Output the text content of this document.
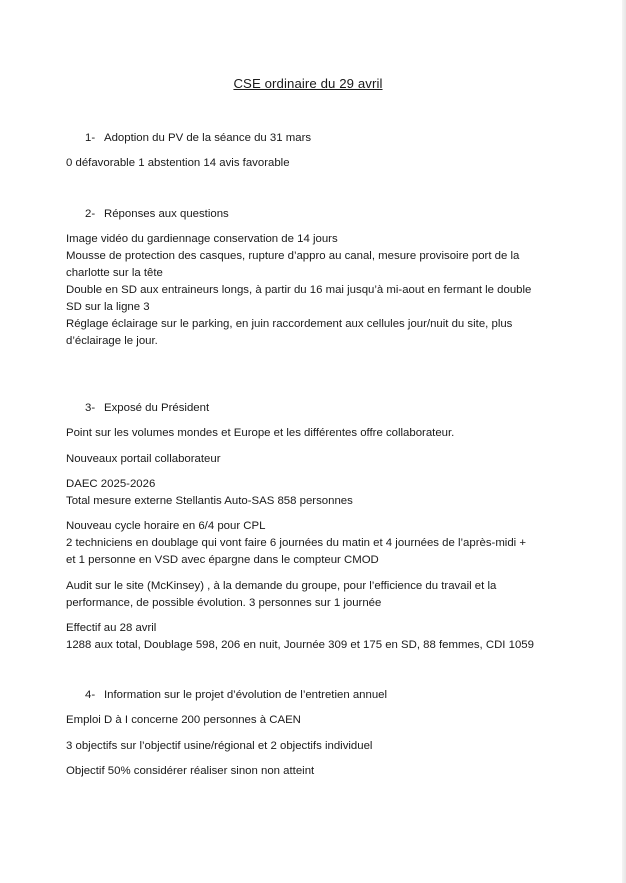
CSE ordinaire du 29 avril
1- Adoption du PV de la séance du 31 mars
0 défavorable 1 abstention 14 avis favorable
2- Réponses aux questions
Image vidéo du gardiennage conservation de 14 jours
Mousse de protection des casques, rupture d’appro au canal, mesure provisoire port de la
charlotte sur la tête
Double en SD aux entraineurs longs, à partir du 16 mai jusqu’à mi-aout en fermant le double
SD sur la ligne 3
Réglage éclairage sur le parking, en juin raccordement aux cellules jour/nuit du site, plus
d’éclairage le jour.
3- Exposé du Président
Point sur les volumes mondes et Europe et les différentes offre collaborateur.
Nouveaux portail collaborateur
DAEC 2025-2026
Total mesure externe Stellantis Auto-SAS 858 personnes
Nouveau cycle horaire en 6/4 pour CPL
2 techniciens en doublage qui vont faire 6 journées du matin et 4 journées de l’après-midi +
et 1 personne en VSD avec épargne dans le compteur CMOD
Audit sur le site (McKinsey) , à la demande du groupe, pour l’efficience du travail et la
performance, de possible évolution. 3 personnes sur 1 journée
Effectif au 28 avril
1288 aux total, Doublage 598, 206 en nuit, Journée 309 et 175 en SD, 88 femmes, CDI 1059
4- Information sur le projet d’évolution de l’entretien annuel
Emploi D à I concerne 200 personnes à CAEN
3 objectifs sur l’objectif usine/régional et 2 objectifs individuel
Objectif 50% considérer réaliser sinon non atteint
